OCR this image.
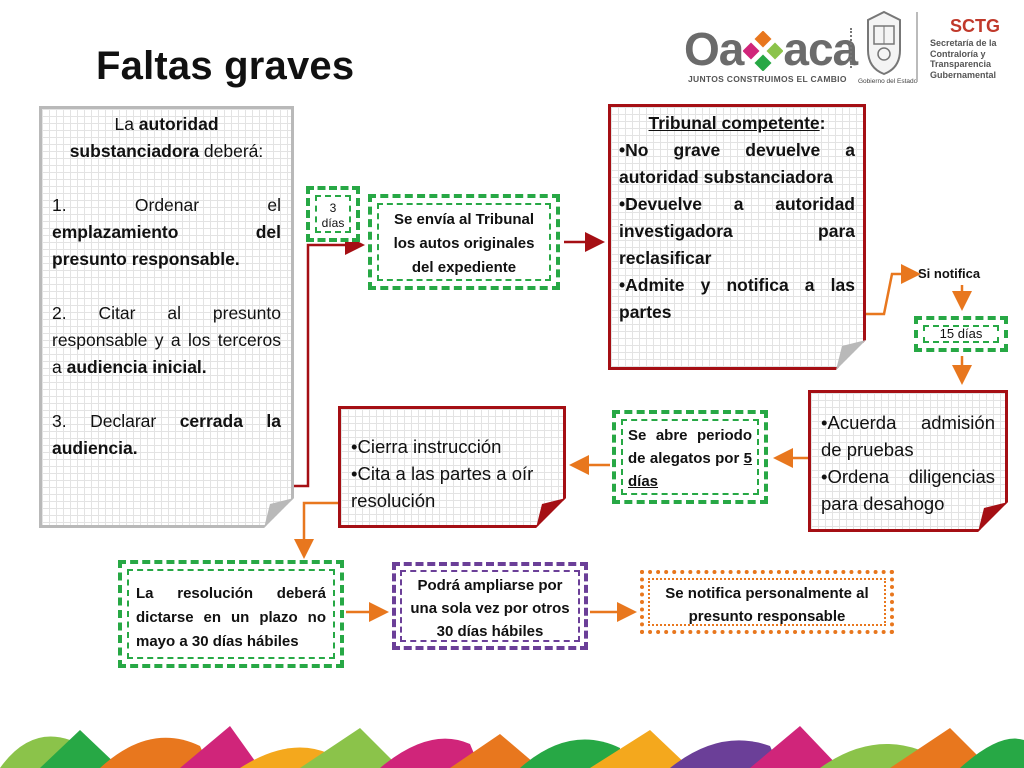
Faltas graves	Oa aca
JUNTOS CONSTRUIMOS EL CAMBIO Gobierno del Estado
SCTG
Secretaría de la Contraloría y Transparencia Gubernamental
La autoridad
substanciadora deberá:
1. Ordenar el emplazamiento del presunto responsable.
2. Citar al presunto responsable y a los terceros a audiencia inicial.
3. Declarar cerrada la audiencia.
3
días	Se envía al Tribunal los autos originales del expediente
Tribunal competente:
•No grave devuelve a autoridad substanciadora
•Devuelve a autoridad investigadora para reclasificar
•Admite y notifica a las partes
Si notifica
15 días
•Acuerda admisión de pruebas
•Ordena diligencias para desahogo
Se abre periodo de alegatos por 5 días
•Cierra instrucción
•Cita a las partes a oír resolución
La resolución deberá dictarse en un plazo no mayo a 30 días hábiles
Podrá ampliarse por una sola vez por otros 30 días hábiles
Se notifica personalmente al presunto responsable
